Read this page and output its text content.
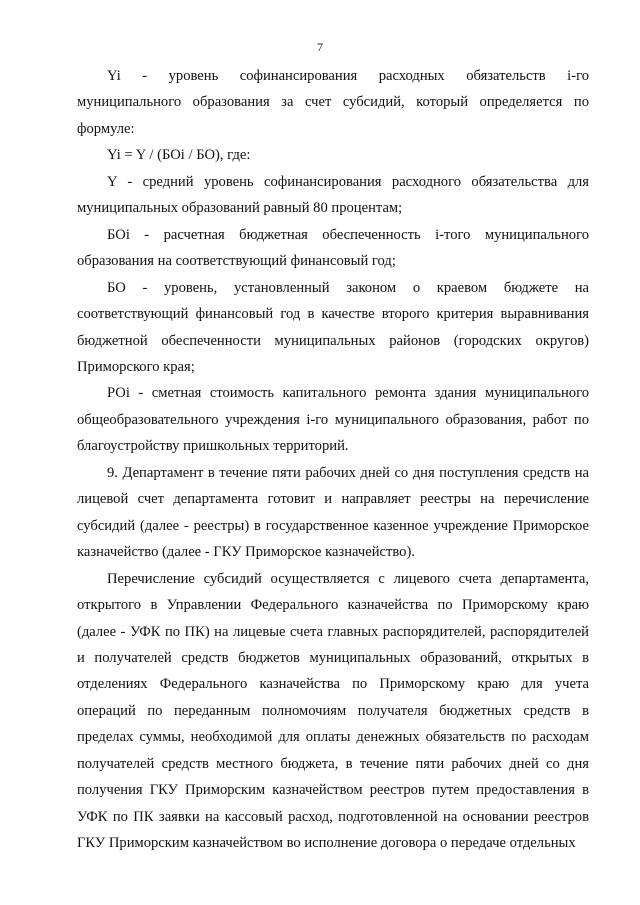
7

Yi - уровень софинансирования расходных обязательств i-го муниципального образования за счет субсидий, который определяется по формуле:

Yi = Y / (БОi / БО), где:

Y - средний уровень софинансирования расходного обязательства для муниципальных образований равный 80 процентам;

БОi - расчетная бюджетная обеспеченность i-того муниципального образования на соответствующий финансовый год;

БО - уровень, установленный законом о краевом бюджете на соответствующий финансовый год в качестве второго критерия выравнивания бюджетной обеспеченности муниципальных районов (городских округов) Приморского края;

РОi - сметная стоимость капитального ремонта здания муниципального общеобразовательного учреждения i-го муниципального образования, работ по благоустройству пришкольных территорий.

9. Департамент в течение пяти рабочих дней со дня поступления средств на лицевой счет департамента готовит и направляет реестры на перечисление субсидий (далее - реестры) в государственное казенное учреждение Приморское казначейство (далее - ГКУ Приморское казначейство).

Перечисление субсидий осуществляется с лицевого счета департамента, открытого в Управлении Федерального казначейства по Приморскому краю (далее - УФК по ПК) на лицевые счета главных распорядителей, распорядителей и получателей средств бюджетов муниципальных образований, открытых в отделениях Федерального казначейства по Приморскому краю для учета операций по переданным полномочиям получателя бюджетных средств в пределах суммы, необходимой для оплаты денежных обязательств по расходам получателей средств местного бюджета, в течение пяти рабочих дней со дня получения ГКУ Приморским казначейством реестров путем предоставления в УФК по ПК заявки на кассовый расход, подготовленной на основании реестров ГКУ Приморским казначейством во исполнение договора о передаче отдельных
